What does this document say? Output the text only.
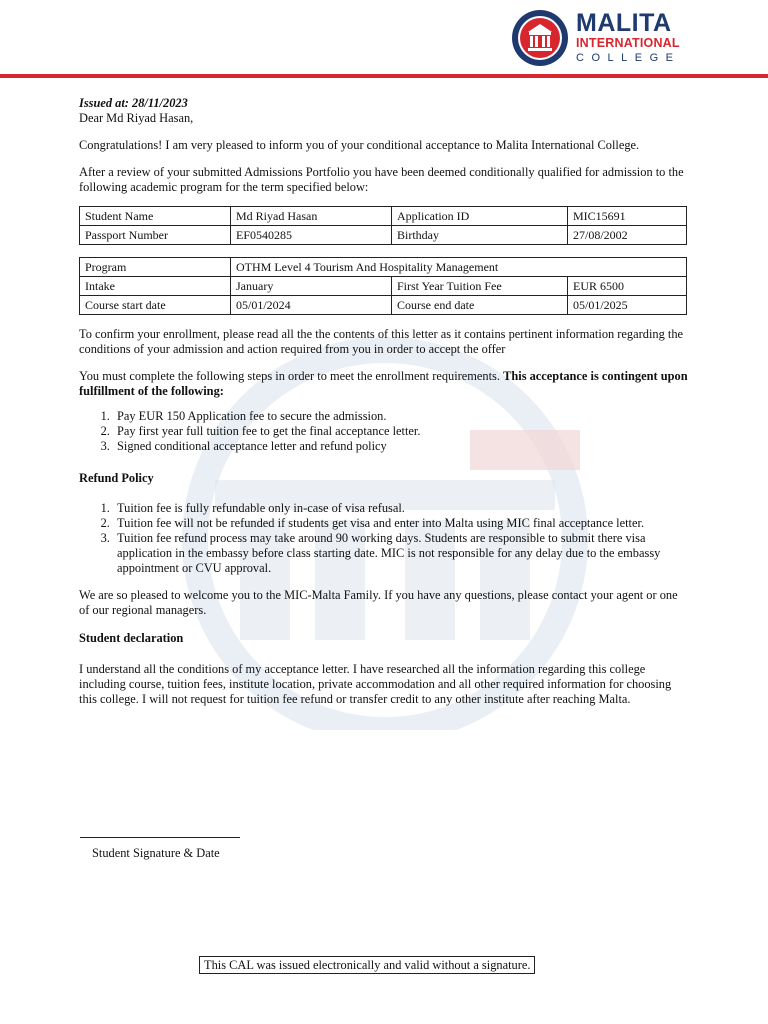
MALITA
INTERNATIONAL
COLLEGE

Issued at: 28/11/2023

Dear Md Riyad Hasan,

Congratulations! I am very pleased to inform you of your conditional acceptance to Malita International College.

After a review of your submitted Admissions Portfolio you have been deemed conditionally qualified for admission to the following academic program for the term specified below:

Student Name	Md Riyad Hasan	Application ID	MIC15691
Passport Number	EF0540285	Birthday	27/08/2002
Program	OTHM Level 4 Tourism And Hospitality Management		
Intake	January	First Year Tuition Fee	EUR 6500
Course start date	05/01/2024	Course end date	05/01/2025

To confirm your enrollment, please read all the the contents of this letter as it contains pertinent information regarding the conditions of your admission and action required from you in order to accept the offer

You must complete the following steps in order to meet the enrollment requirements. This acceptance is contingent upon fulfillment of the following:

1. Pay EUR 150 Application fee to secure the admission.
2. Pay first year full tuition fee to get the final acceptance letter.
3. Signed conditional acceptance letter and refund policy

Refund Policy

1. Tuition fee is fully refundable only in-case of visa refusal.
2. Tuition fee will not be refunded if students get visa and enter into Malta using MIC final acceptance letter.
3. Tuition fee refund process may take around 90 working days. Students are responsible to submit there visa application in the embassy before class starting date. MIC is not responsible for any delay due to the embassy appointment or CVU approval.

We are so pleased to welcome you to the MIC-Malta Family. If you have any questions, please contact your agent or one of our regional managers.

Student declaration

I understand all the conditions of my acceptance letter. I have researched all the information regarding this college including course, tuition fees, institute location, private accommodation and all other required information for choosing this college. I will not request for tuition fee refund or transfer credit to any other institute after reaching Malta.

Student Signature & Date
This CAL was issued electronically and valid without a signature.
